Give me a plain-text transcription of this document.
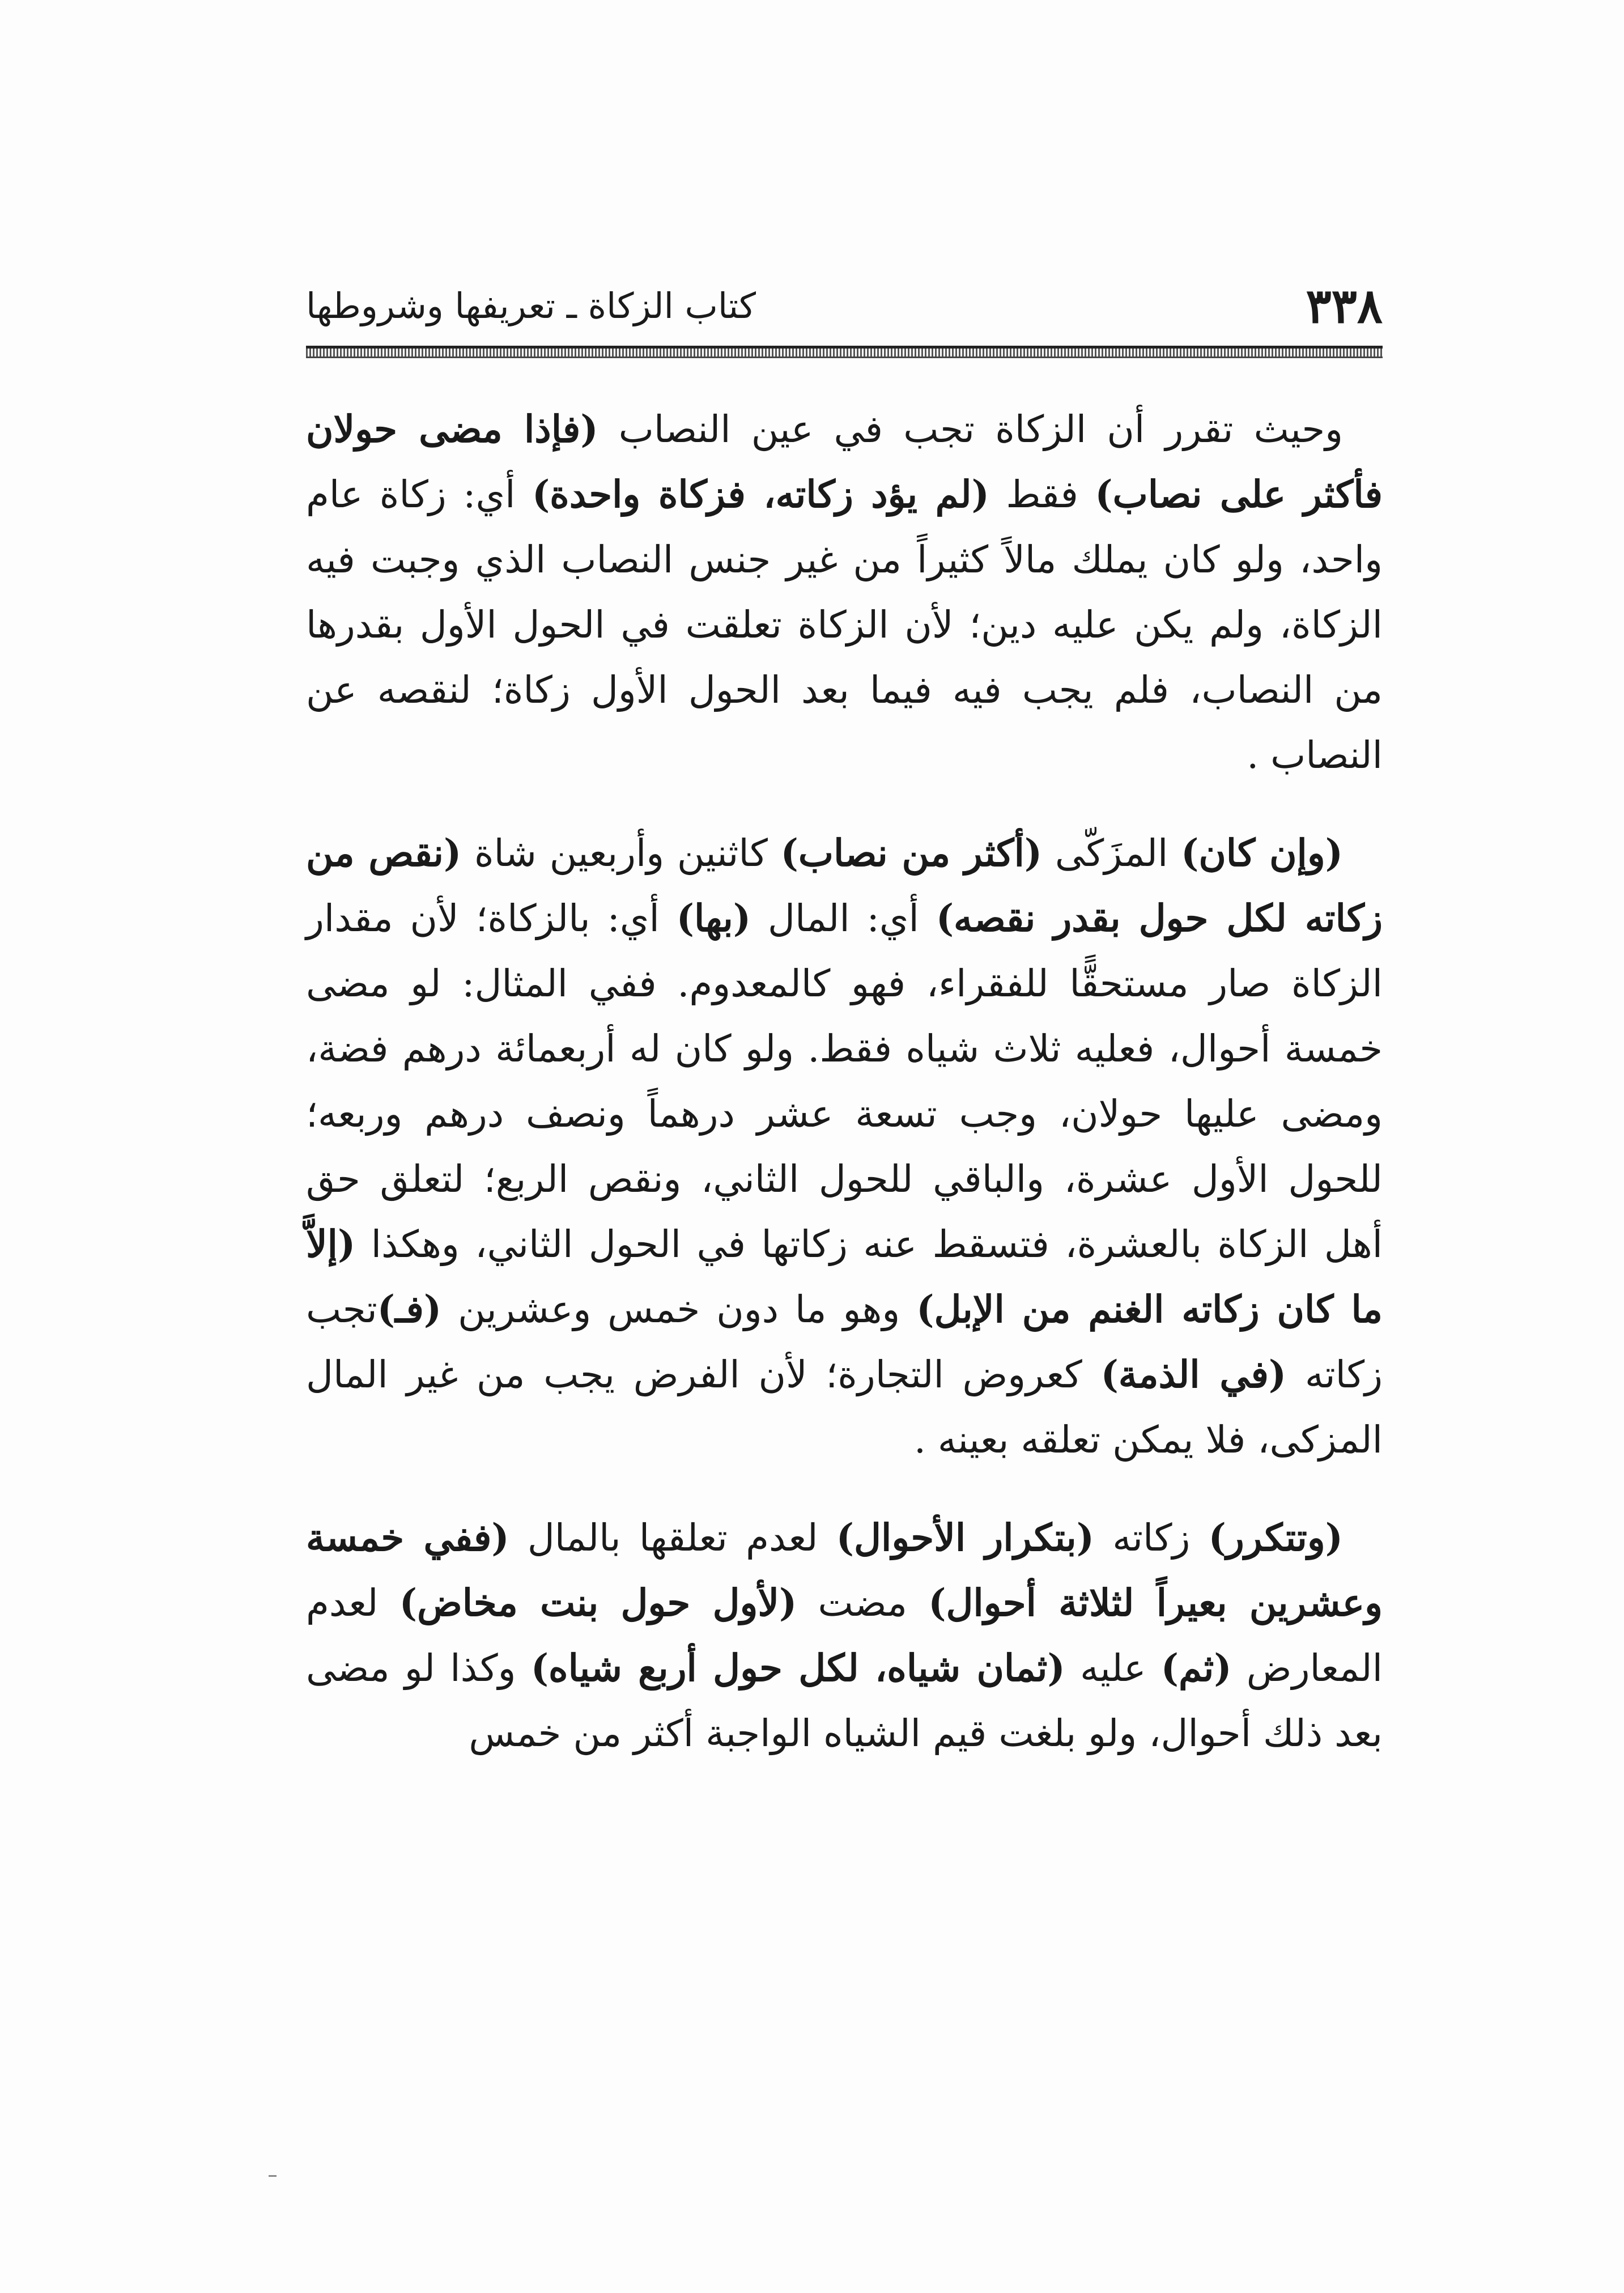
٣٣٨
كتاب الزكاة ـ تعريفها وشروطها

وحيث تقرر أن الزكاة تجب في عين النصاب (فإذا مضى حولان فأكثر على نصاب) فقط (لم يؤد زكاته، فزكاة واحدة) أي: زكاة عام واحد، ولو كان يملك مالاً كثيراً من غير جنس النصاب الذي وجبت فيه الزكاة، ولم يكن عليه دين؛ لأن الزكاة تعلقت في الحول الأول بقدرها من النصاب، فلم يجب فيه فيما بعد الحول الأول زكاة؛ لنقصه عن النصاب .

(وإن كان) المزَكّى (أكثر من نصاب) كاثنين وأربعين شاة (نقص من زكاته لكل حول بقدر نقصه) أي: المال (بها) أي: بالزكاة؛ لأن مقدار الزكاة صار مستحقًّا للفقراء، فهو كالمعدوم. ففي المثال: لو مضى خمسة أحوال، فعليه ثلاث شياه فقط. ولو كان له أربعمائة درهم فضة، ومضى عليها حولان، وجب تسعة عشر درهماً ونصف درهم وربعه؛ للحول الأول عشرة، والباقي للحول الثاني، ونقص الربع؛ لتعلق حق أهل الزكاة بالعشرة، فتسقط عنه زكاتها في الحول الثاني، وهكذا (إلاَّ ما كان زكاته الغنم من الإبل) وهو ما دون خمس وعشرين (فـ)تجب زكاته (في الذمة) كعروض التجارة؛ لأن الفرض يجب من غير المال المزكى، فلا يمكن تعلقه بعينه .

(وتتكرر) زكاته (بتكرار الأحوال) لعدم تعلقها بالمال (ففي خمسة وعشرين بعيراً لثلاثة أحوال) مضت (لأول حول بنت مخاض) لعدم المعارض (ثم) عليه (ثمان شياه، لكل حول أربع شياه) وكذا لو مضى بعد ذلك أحوال، ولو بلغت قيم الشياه الواجبة أكثر من خمس
